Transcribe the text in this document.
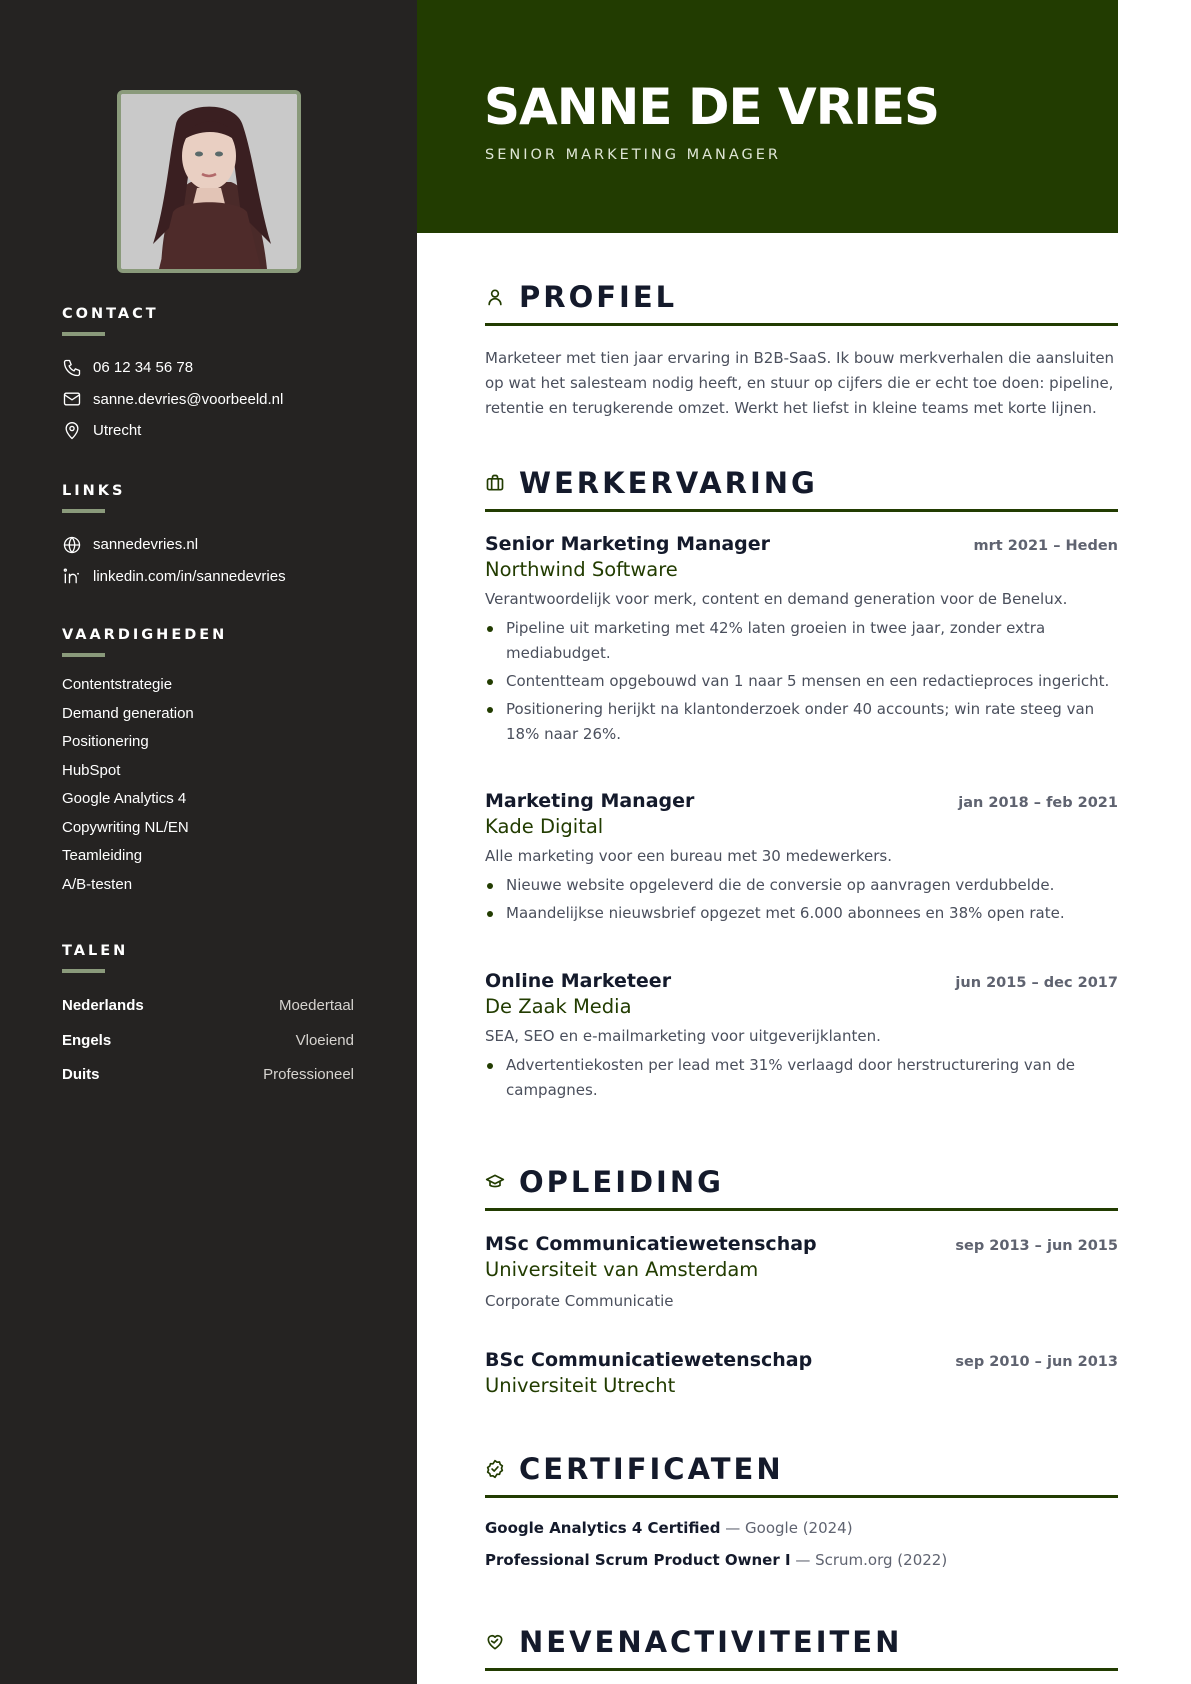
CONTACT
06 12 34 56 78
sanne.devries@voorbeeld.nl
Utrecht
LINKS
sannedevries.nl
linkedin.com/in/sannedevries
VAARDIGHEDEN
Contentstrategie
Demand generation
Positionering
HubSpot
Google Analytics 4
Copywriting NL/EN
Teamleiding
A/B-testen
TALEN
Nederlands	Moedertaal
Engels	Vloeiend
Duits	Professioneel
SANNE DE VRIES
SENIOR MARKETING MANAGER
PROFIEL

Marketeer met tien jaar ervaring in B2B-SaaS. Ik bouw merkverhalen die aansluiten op wat het salesteam nodig heeft, en stuur op cijfers die er echt toe doen: pipeline, retentie en terugkerende omzet. Werkt het liefst in kleine teams met korte lijnen.

WERKERVARING
Senior Marketing Manager	mrt 2021 – Heden
Northwind Software
Verantwoordelijk voor merk, content en demand generation voor de Benelux.
Pipeline uit marketing met 42% laten groeien in twee jaar, zonder extra mediabudget.
Contentteam opgebouwd van 1 naar 5 mensen en een redactieproces ingericht.
Positionering herijkt na klantonderzoek onder 40 accounts; win rate steeg van 18% naar 26%.
Marketing Manager	jan 2018 – feb 2021
Kade Digital
Alle marketing voor een bureau met 30 medewerkers.
Nieuwe website opgeleverd die de conversie op aanvragen verdubbelde.
Maandelijkse nieuwsbrief opgezet met 6.000 abonnees en 38% open rate.
Online Marketeer	jun 2015 – dec 2017
De Zaak Media
SEA, SEO en e-mailmarketing voor uitgeverijklanten.
Advertentiekosten per lead met 31% verlaagd door herstructurering van de campagnes.
OPLEIDING
MSc Communicatiewetenschap	sep 2013 – jun 2015
Universiteit van Amsterdam
Corporate Communicatie
BSc Communicatiewetenschap	sep 2010 – jun 2013
Universiteit Utrecht
CERTIFICATEN
Google Analytics 4 Certified — Google (2024)
Professional Scrum Product Owner I — Scrum.org (2022)
NEVENACTIVITEITEN
